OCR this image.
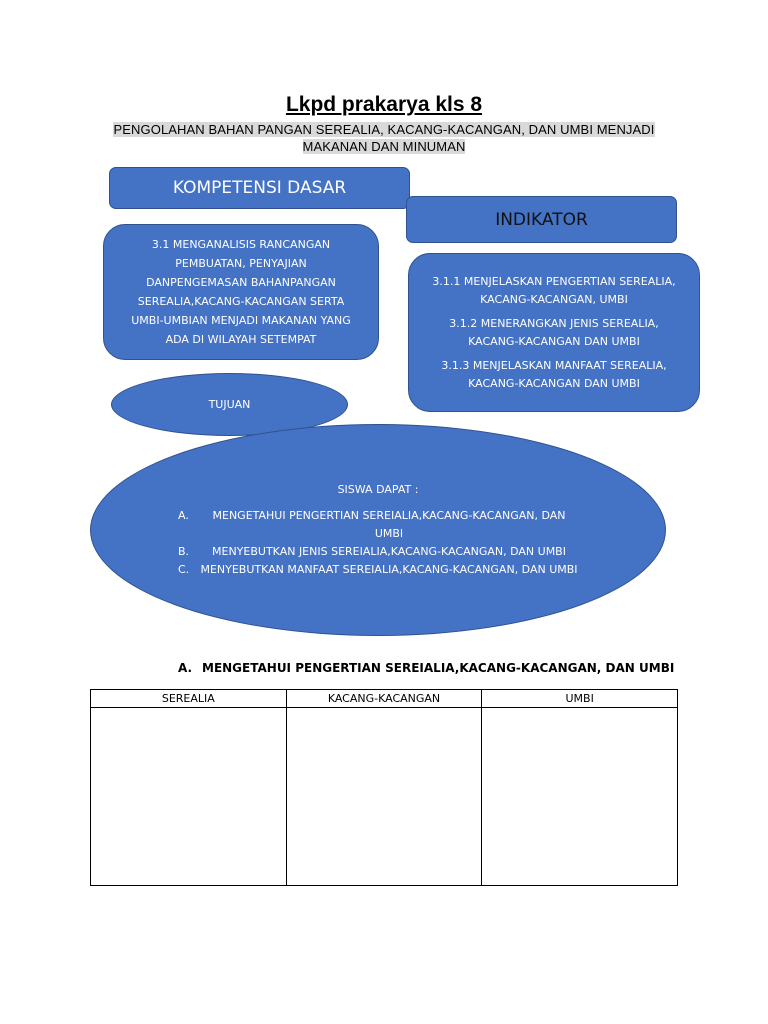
Lkpd prakarya kls 8
PENGOLAHAN BAHAN PANGAN SEREALIA, KACANG-KACANGAN, DAN UMBI MENJADI
MAKANAN DAN MINUMAN
KOMPETENSI DASAR
INDIKATOR
3.1 MENGANALISIS RANCANGAN PEMBUATAN, PENYAJIAN DANPENGEMASAN BAHANPANGAN SEREALIA,KACANG-KACANGAN SERTA UMBI-UMBIAN MENJADI MAKANAN YANG ADA DI WILAYAH SETEMPAT

3.1.1 MENJELASKAN PENGERTIAN SEREALIA, KACANG-KACANGAN, UMBI

3.1.2 MENERANGKAN JENIS SEREALIA, KACANG-KACANGAN DAN UMBI

3.1.3 MENJELASKAN MANFAAT SEREALIA, KACANG-KACANGAN DAN UMBI

TUJUAN
SISWA DAPAT :
A.	MENGETAHUI PENGERTIAN SEREIALIA,KACANG-KACANGAN, DAN UMBI
B.	MENYEBUTKAN JENIS SEREIALIA,KACANG-KACANGAN, DAN UMBI
C.	MENYEBUTKAN MANFAAT SEREIALIA,KACANG-KACANGAN, DAN UMBI
A. MENGETAHUI PENGERTIAN SEREIALIA,KACANG-KACANGAN, DAN UMBI
SEREALIA	KACANG-KACANGAN	UMBI
